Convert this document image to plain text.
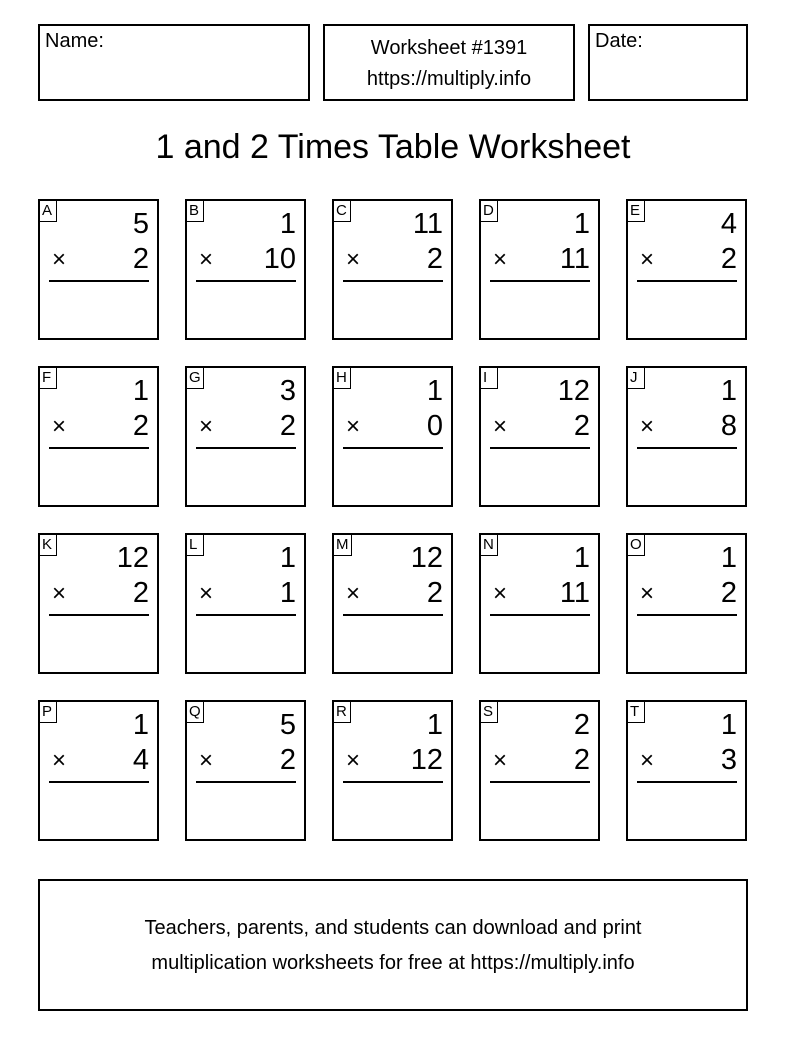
Name:	Worksheet #1391
https://multiply.info
Date:
1 and 2 Times Table Worksheet
A	5
× 2
B	1
× 10
C 11
× 2
D	1
× 11
E	4
× 2
F	1
× 2
G	3
× 2
H	1
× 0
I	12
× 2
J	1
× 8
K 12
× 2
L	1
× 1
M 12
× 2
N	1
× 11
O	1
× 2
P	1
× 4
Q	5
× 2
R	1
× 12
S	2
× 2
T	1
× 3
Teachers, parents, and students can download and print
multiplication worksheets for free at https://multiply.info
